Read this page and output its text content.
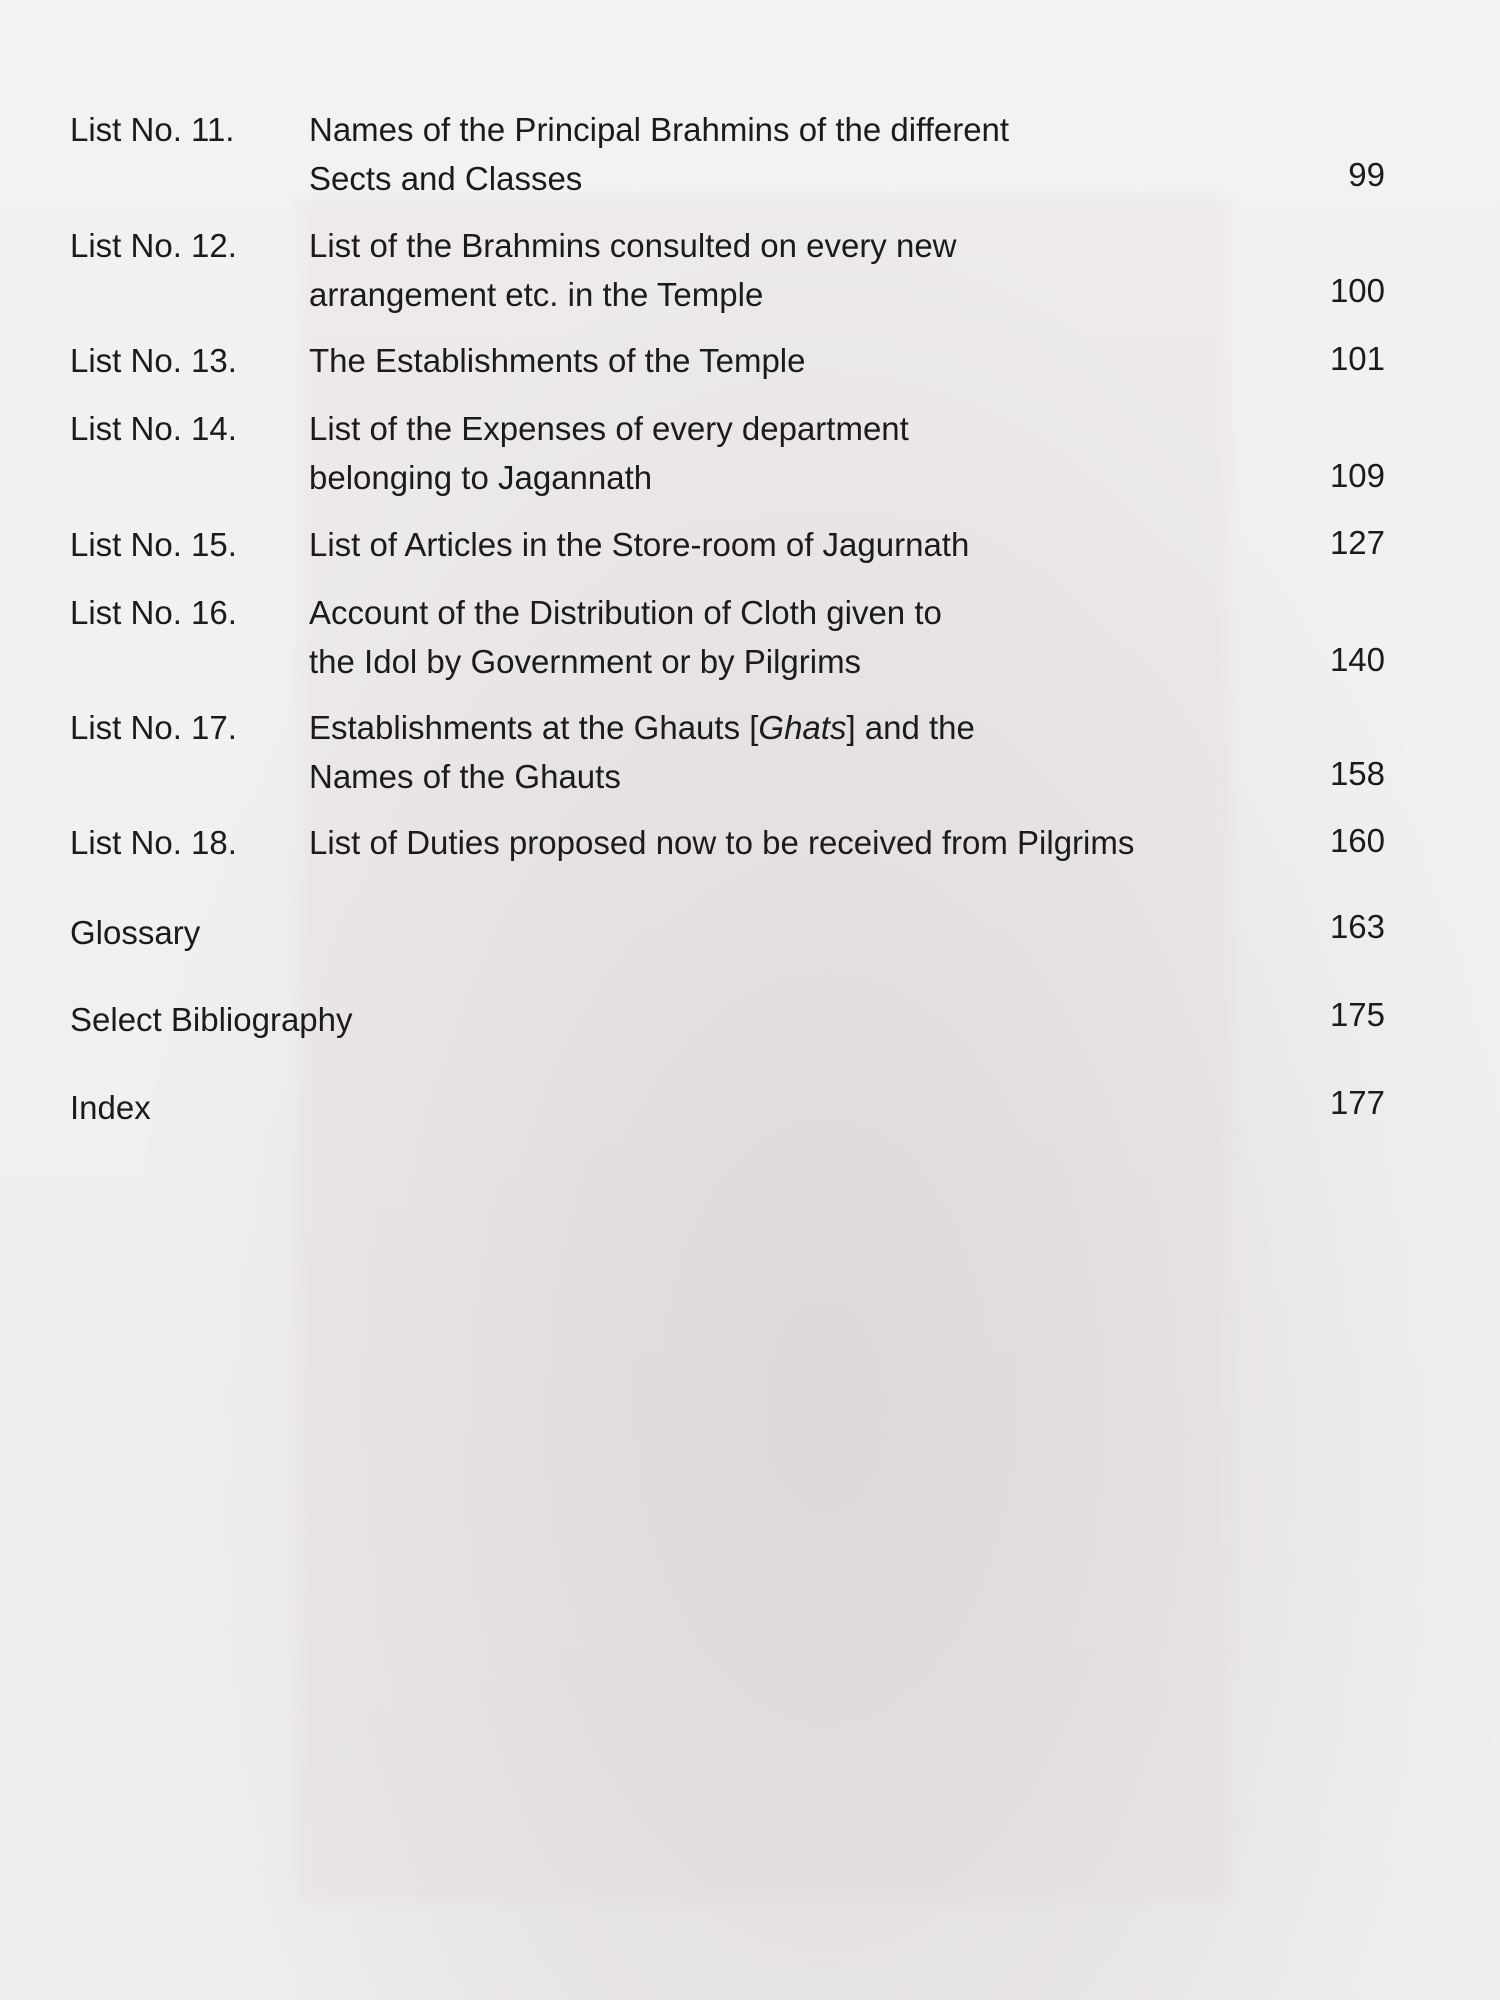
List No. 11. Names of the Principal Brahmins of the different
Sects and Classes	99
List No. 12. List of the Brahmins consulted on every new
arrangement etc. in the Temple	100
List No. 13. The Establishments of the Temple	101
List No. 14. List of the Expenses of every department
belonging to Jagannath	109
List No. 15. List of Articles in the Store-room of Jagurnath	127
List No. 16. Account of the Distribution of Cloth given to
the Idol by Government or by Pilgrims	140
List No. 17. Establishments at the Ghauts [Ghats] and the
Names of the Ghauts	158
List No. 18. List of Duties proposed now to be received from Pilgrims	160
Glossary	163
Select Bibliography	175
Index	177
